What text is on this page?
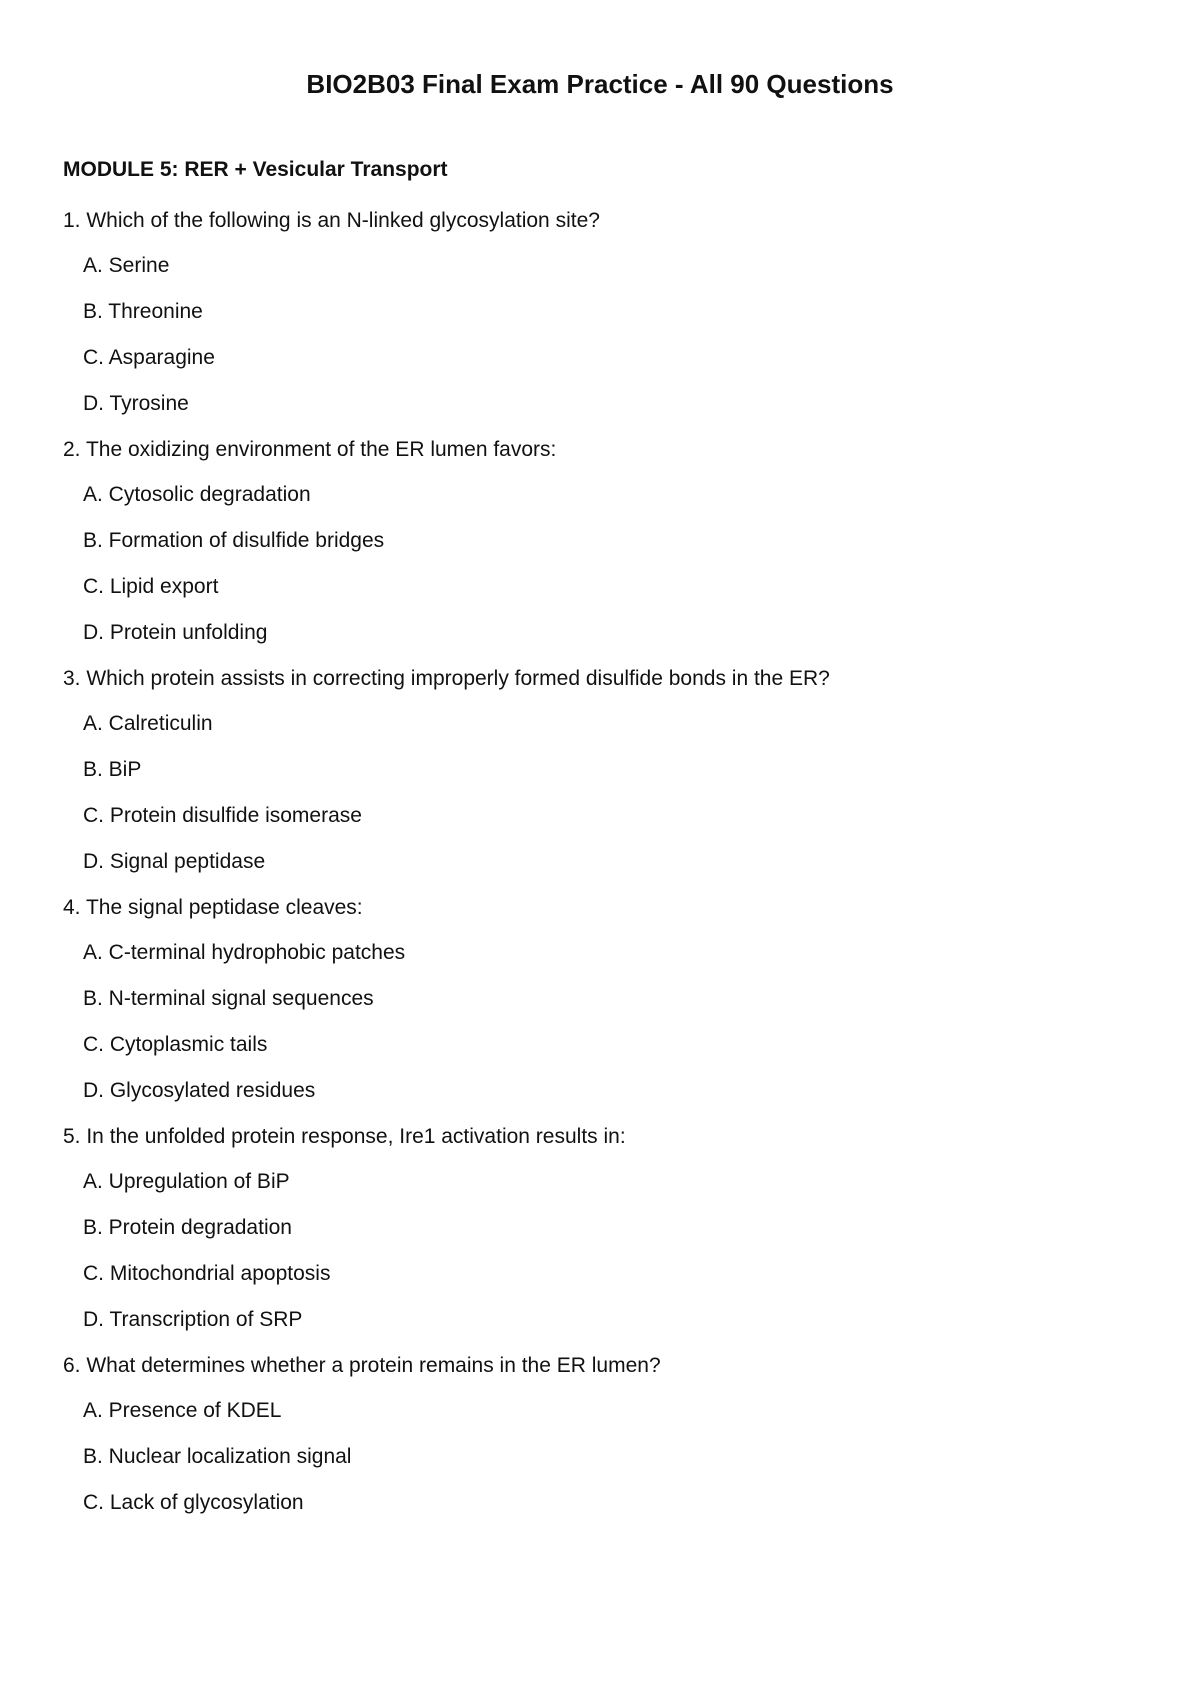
BIO2B03 Final Exam Practice - All 90 Questions
MODULE 5: RER + Vesicular Transport
1. Which of the following is an N-linked glycosylation site?
A. Serine
B. Threonine
C. Asparagine
D. Tyrosine
2. The oxidizing environment of the ER lumen favors:
A. Cytosolic degradation
B. Formation of disulfide bridges
C. Lipid export
D. Protein unfolding
3. Which protein assists in correcting improperly formed disulfide bonds in the ER?
A. Calreticulin
B. BiP
C. Protein disulfide isomerase
D. Signal peptidase
4. The signal peptidase cleaves:
A. C-terminal hydrophobic patches
B. N-terminal signal sequences
C. Cytoplasmic tails
D. Glycosylated residues
5. In the unfolded protein response, Ire1 activation results in:
A. Upregulation of BiP
B. Protein degradation
C. Mitochondrial apoptosis
D. Transcription of SRP
6. What determines whether a protein remains in the ER lumen?
A. Presence of KDEL
B. Nuclear localization signal
C. Lack of glycosylation
